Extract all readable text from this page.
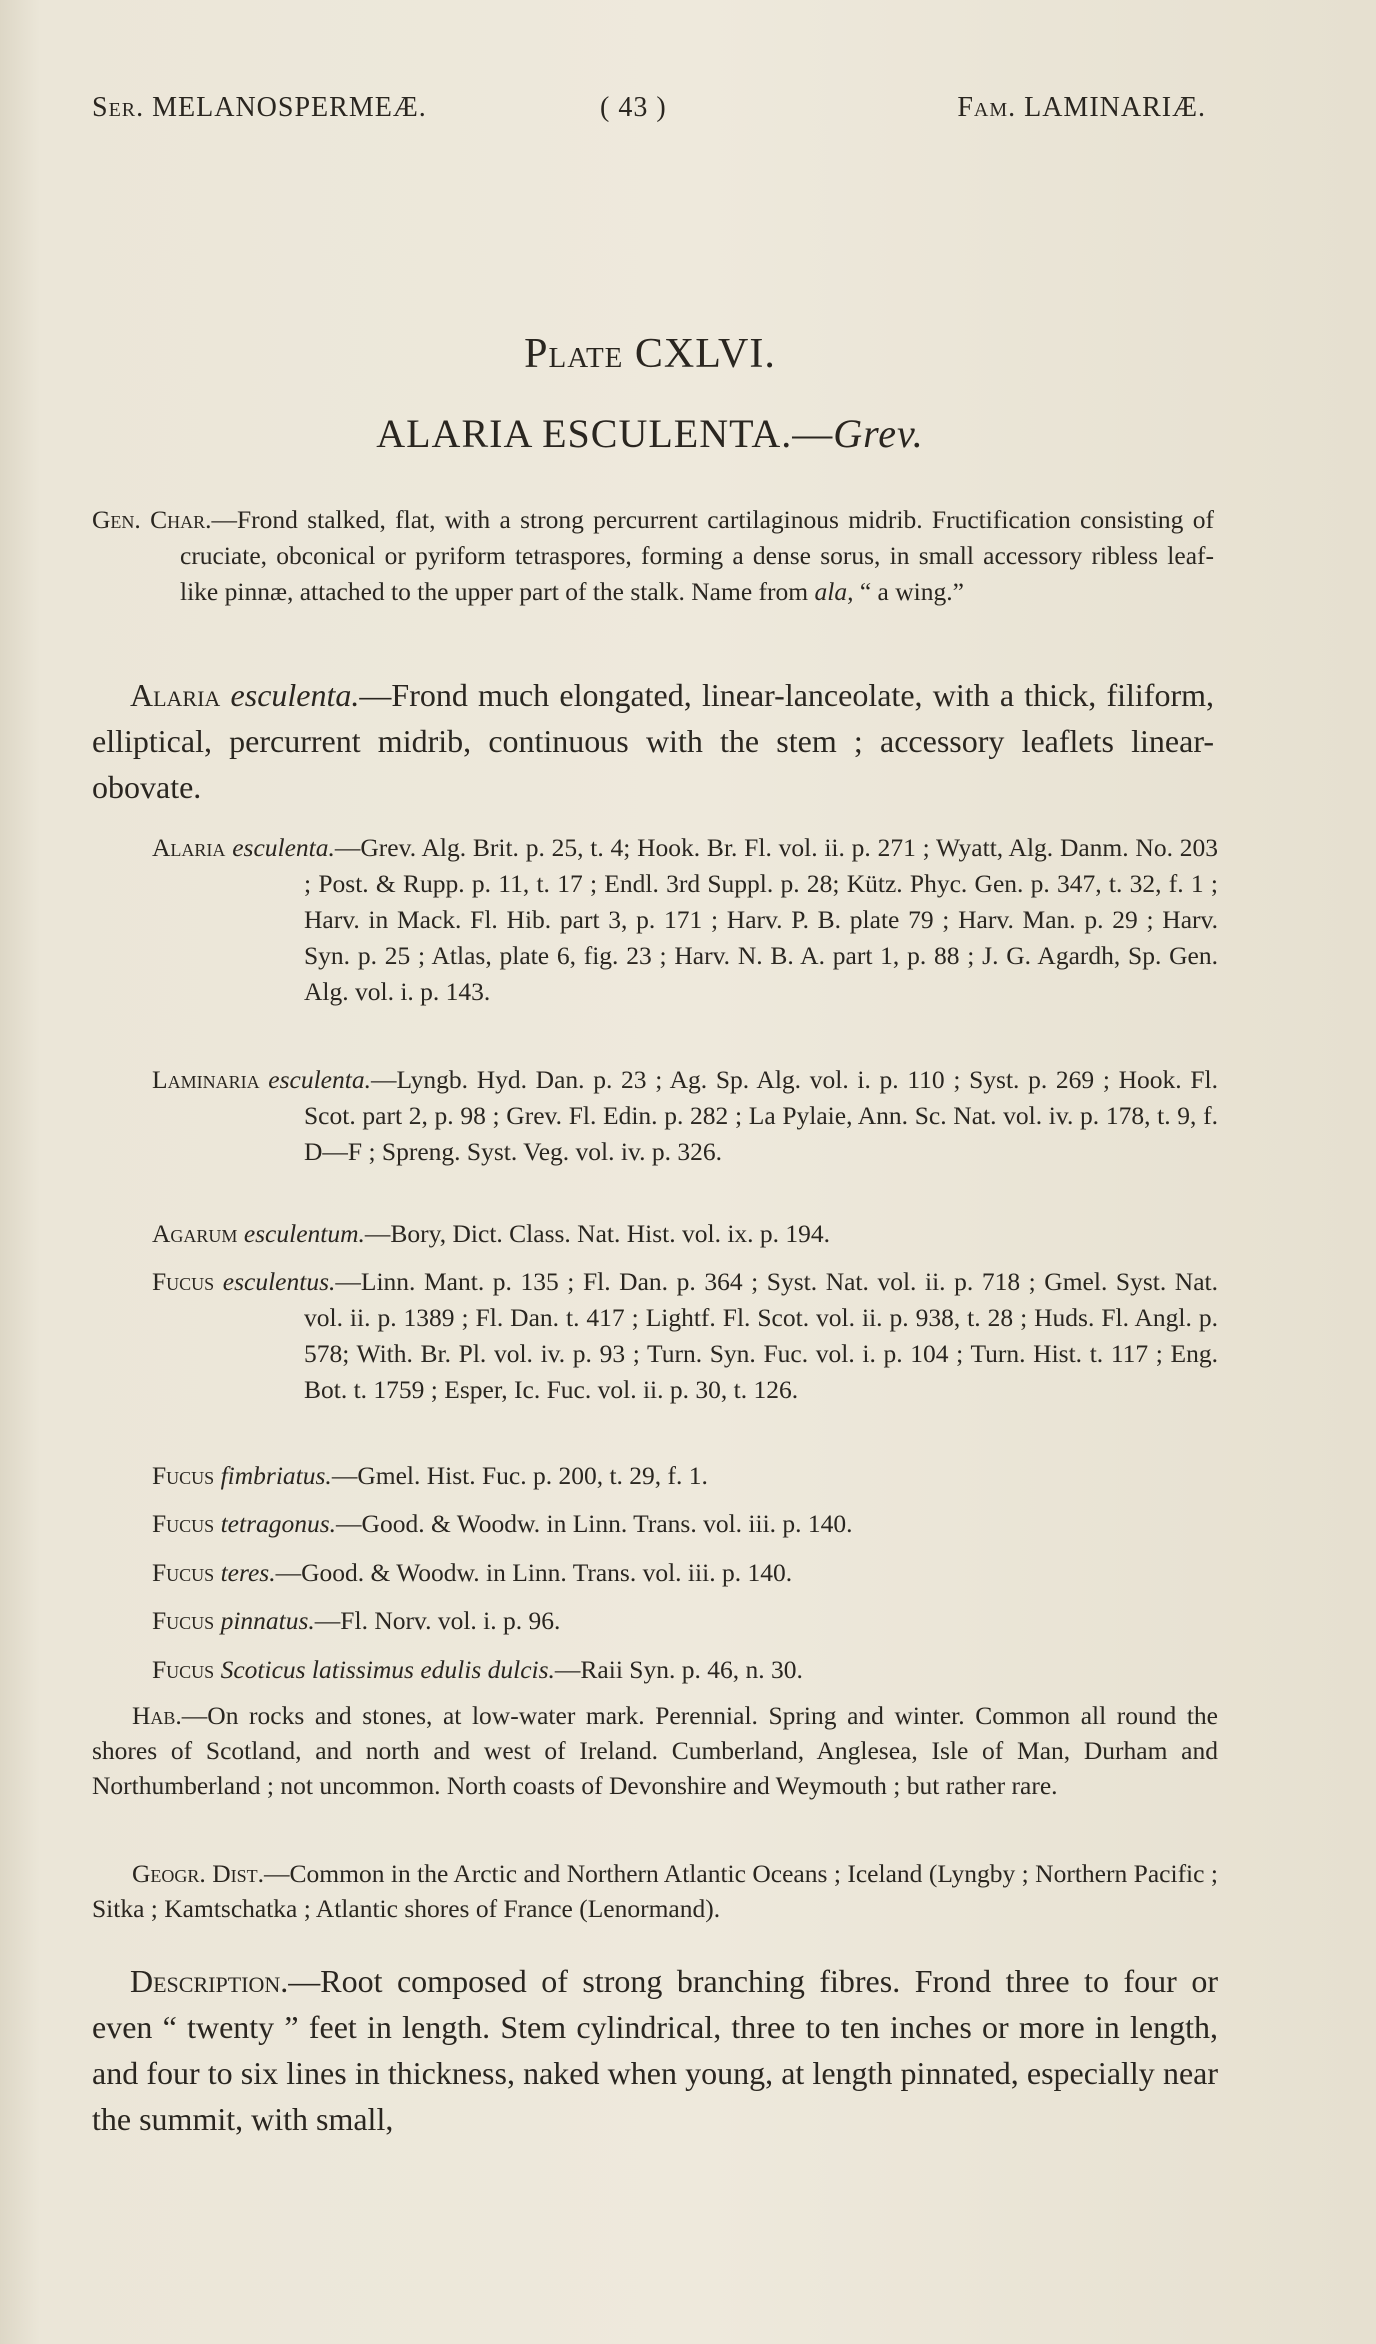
Ser. MELANOSPERMEÆ.	( 43 )	Fam. LAMINARIÆ.
Plate CXLVI.
ALARIA ESCULENTA.—Grev.

Gen. Char.—Frond stalked, flat, with a strong percurrent cartilaginous midrib. Fructification consisting of cruciate, obconical or pyriform tetraspores, forming a dense sorus, in small accessory ribless leaf-like pinnæ, attached to the upper part of the stalk. Name from ala, “ a wing.”

Alaria esculenta.—Frond much elongated, linear-lanceolate, with a thick, filiform, elliptical, percurrent midrib, continuous with the stem ; accessory leaflets linear-obovate.

Alaria esculenta.—Grev. Alg. Brit. p. 25, t. 4; Hook. Br. Fl. vol. ii. p. 271 ; Wyatt, Alg. Danm. No. 203 ; Post. & Rupp. p. 11, t. 17 ; Endl. 3rd Suppl. p. 28; Kütz. Phyc. Gen. p. 347, t. 32, f. 1 ; Harv. in Mack. Fl. Hib. part 3, p. 171 ; Harv. P. B. plate 79 ; Harv. Man. p. 29 ; Harv. Syn. p. 25 ; Atlas, plate 6, fig. 23 ; Harv. N. B. A. part 1, p. 88 ; J. G. Agardh, Sp. Gen. Alg. vol. i. p. 143.

Laminaria esculenta.—Lyngb. Hyd. Dan. p. 23 ; Ag. Sp. Alg. vol. i. p. 110 ; Syst. p. 269 ; Hook. Fl. Scot. part 2, p. 98 ; Grev. Fl. Edin. p. 282 ; La Pylaie, Ann. Sc. Nat. vol. iv. p. 178, t. 9, f. D—F ; Spreng. Syst. Veg. vol. iv. p. 326.

Agarum esculentum.—Bory, Dict. Class. Nat. Hist. vol. ix. p. 194.

Fucus esculentus.—Linn. Mant. p. 135 ; Fl. Dan. p. 364 ; Syst. Nat. vol. ii. p. 718 ; Gmel. Syst. Nat. vol. ii. p. 1389 ; Fl. Dan. t. 417 ; Lightf. Fl. Scot. vol. ii. p. 938, t. 28 ; Huds. Fl. Angl. p. 578; With. Br. Pl. vol. iv. p. 93 ; Turn. Syn. Fuc. vol. i. p. 104 ; Turn. Hist. t. 117 ; Eng. Bot. t. 1759 ; Esper, Ic. Fuc. vol. ii. p. 30, t. 126.

Fucus fimbriatus.—Gmel. Hist. Fuc. p. 200, t. 29, f. 1.

Fucus tetragonus.—Good. & Woodw. in Linn. Trans. vol. iii. p. 140.

Fucus teres.—Good. & Woodw. in Linn. Trans. vol. iii. p. 140.

Fucus pinnatus.—Fl. Norv. vol. i. p. 96.

Fucus Scoticus latissimus edulis dulcis.—Raii Syn. p. 46, n. 30.

Hab.—On rocks and stones, at low-water mark. Perennial. Spring and winter. Common all round the shores of Scotland, and north and west of Ireland. Cumberland, Anglesea, Isle of Man, Durham and Northumberland ; not uncommon. North coasts of Devonshire and Weymouth ; but rather rare.

Geogr. Dist.—Common in the Arctic and Northern Atlantic Oceans ; Iceland (Lyngby ; Northern Pacific ; Sitka ; Kamtschatka ; Atlantic shores of France (Lenormand).

Description.—Root composed of strong branching fibres. Frond three to four or even “ twenty ” feet in length. Stem cylindrical, three to ten inches or more in length, and four to six lines in thickness, naked when young, at length pinnated, especially near the summit, with small,
